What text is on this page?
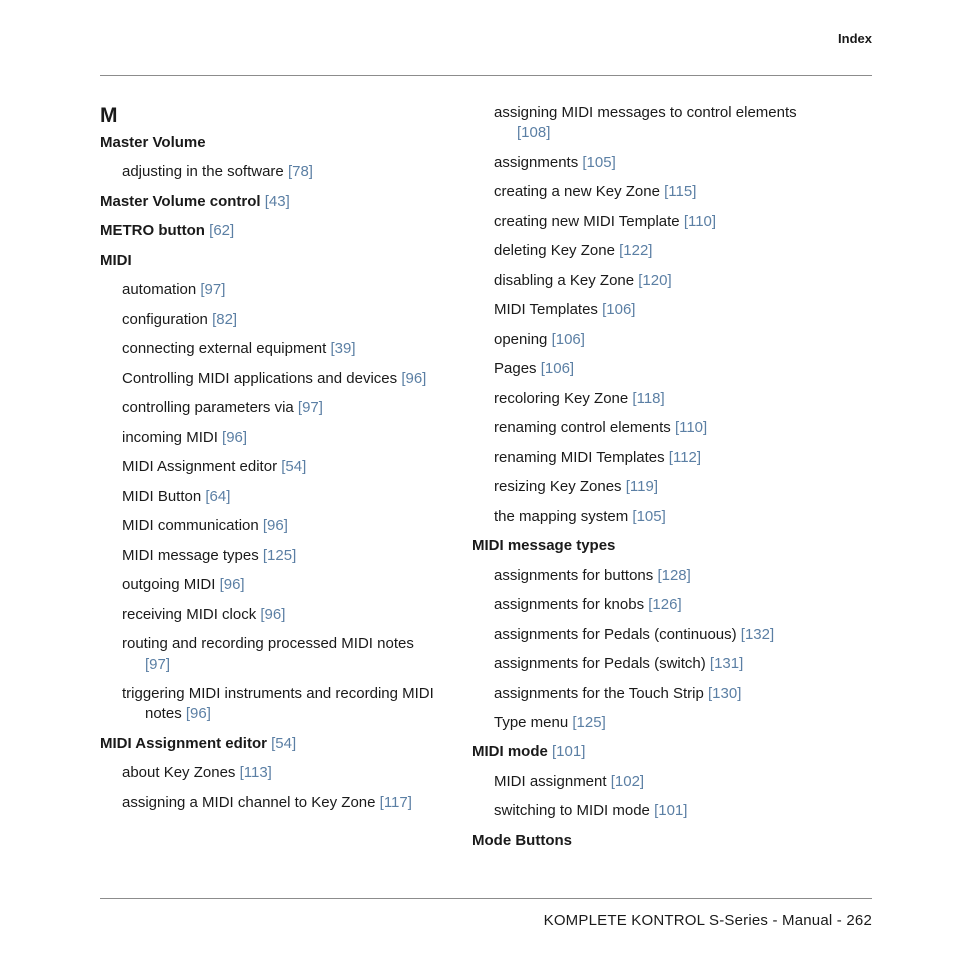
Index
M
Master Volume
adjusting in the software [78]
Master Volume control [43]
METRO button [62]
MIDI
automation [97]
configuration [82]
connecting external equipment [39]
Controlling MIDI applications and devices [96]
controlling parameters via [97]
incoming MIDI [96]
MIDI Assignment editor [54]
MIDI Button [64]
MIDI communication [96]
MIDI message types [125]
outgoing MIDI [96]
receiving MIDI clock [96]
routing and recording processed MIDI notes [97]
triggering MIDI instruments and recording MIDI notes [96]
MIDI Assignment editor [54]
about Key Zones [113]
assigning a MIDI channel to Key Zone [117]
assigning MIDI messages to control elements [108]
assignments [105]
creating a new Key Zone [115]
creating new MIDI Template [110]
deleting Key Zone [122]
disabling a Key Zone [120]
MIDI Templates [106]
opening [106]
Pages [106]
recoloring Key Zone [118]
renaming control elements [110]
renaming MIDI Templates [112]
resizing Key Zones [119]
the mapping system [105]
MIDI message types
assignments for buttons [128]
assignments for knobs [126]
assignments for Pedals (continuous) [132]
assignments for Pedals (switch) [131]
assignments for the Touch Strip [130]
Type menu [125]
MIDI mode [101]
MIDI assignment [102]
switching to MIDI mode [101]
Mode Buttons
KOMPLETE KONTROL S-Series - Manual - 262
